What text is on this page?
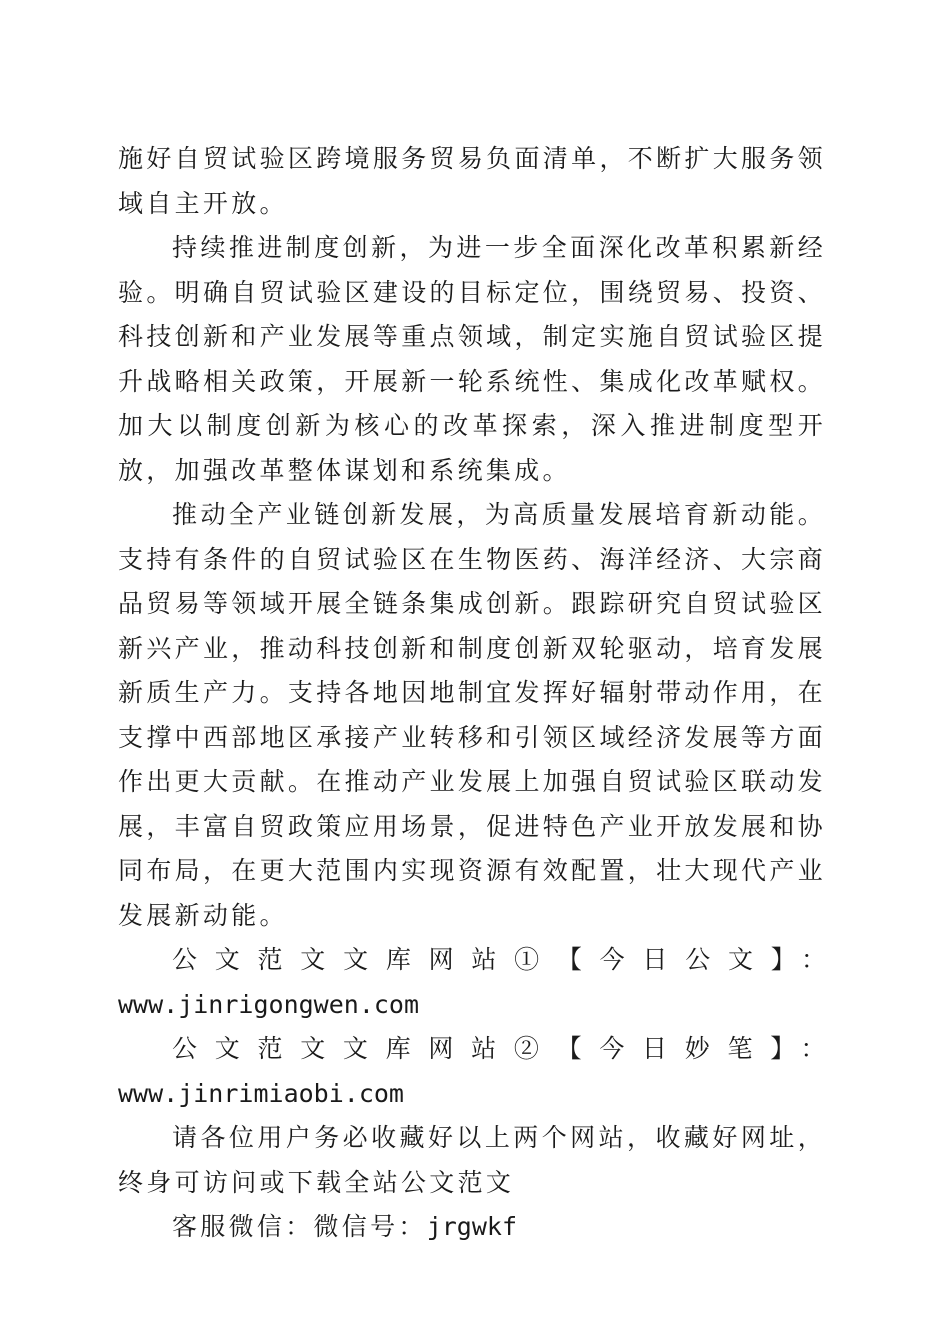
施好自贸试验区跨境服务贸易负面清单，不断扩大服务领域自主开放。

持续推进制度创新，为进一步全面深化改革积累新经验。明确自贸试验区建设的目标定位，围绕贸易、投资、科技创新和产业发展等重点领域，制定实施自贸试验区提升战略相关政策，开展新一轮系统性、集成化改革赋权。加大以制度创新为核心的改革探索，深入推进制度型开放，加强改革整体谋划和系统集成。

推动全产业链创新发展，为高质量发展培育新动能。支持有条件的自贸试验区在生物医药、海洋经济、大宗商品贸易等领域开展全链条集成创新。跟踪研究自贸试验区新兴产业，推动科技创新和制度创新双轮驱动，培育发展新质生产力。支持各地因地制宜发挥好辐射带动作用，在支撑中西部地区承接产业转移和引领区域经济发展等方面作出更大贡献。在推动产业发展上加强自贸试验区联动发展，丰富自贸政策应用场景，促进特色产业开放发展和协同布局，在更大范围内实现资源有效配置，壮大现代产业发展新动能。

公文范文文库网站①【今日公文】：

www.jinrigongwen.com

公文范文文库网站②【今日妙笔】：www.jinrimiaobi.com

请各位用户务必收藏好以上两个网站，收藏好网址，终身可访问或下载全站公文范文

客服微信：微信号：jrgwkf
